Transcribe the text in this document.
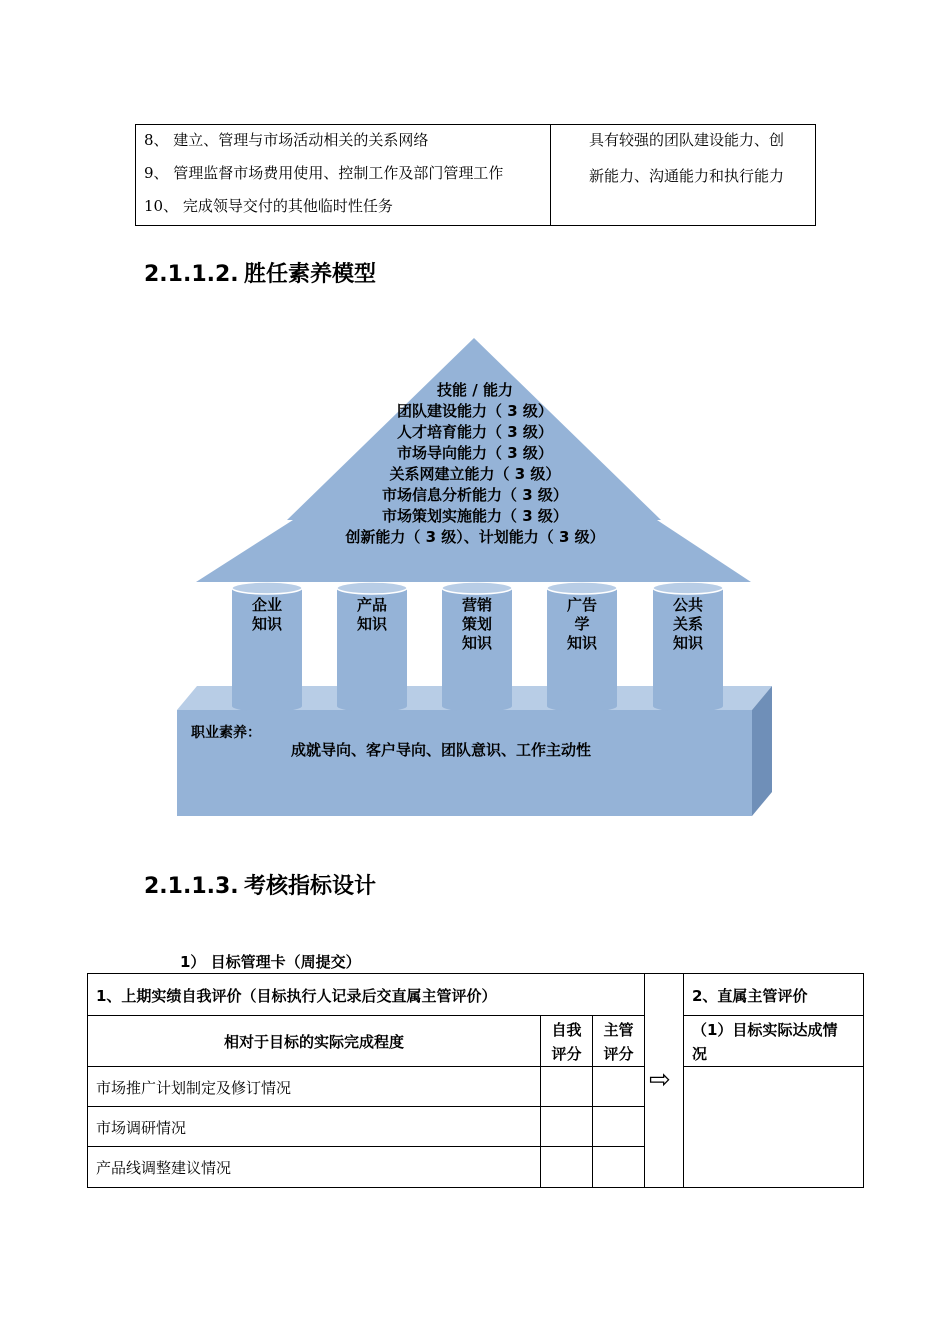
8、 建立、管理与市场活动相关的关系网络
9、 管理监督市场费用使用、控制工作及部门管理工作
10、 完成领导交付的其他临时性任务
具有较强的团队建设能力、创
新能力、沟通能力和执行能力
2.1.1.2. 胜任素养模型
技能 / 能力
团队建设能力（ 3 级）
人才培育能力（ 3 级）
市场导向能力（ 3 级）
关系网建立能力（ 3 级）
市场信息分析能力（ 3 级）
市场策划实施能力（ 3 级）
创新能力（ 3 级）、计划能力（ 3 级）
企业
知识
产品
知识
营销
策划
知识
广告
学
知识
公共
关系
知识
职业素养：
成就导向、客户导向、团队意识、工作主动性
2.1.1.3. 考核指标设计
1） 目标管理卡（周提交）
1、上期实绩自我评价（目标执行人记录后交直属主管评价）
⇨
2、直属主管评价
相对于目标的实际完成程度
自我
评分
主管
评分
（1）目标实际达成情
况
市场推广计划制定及修订情况
市场调研情况
产品线调整建议情况
